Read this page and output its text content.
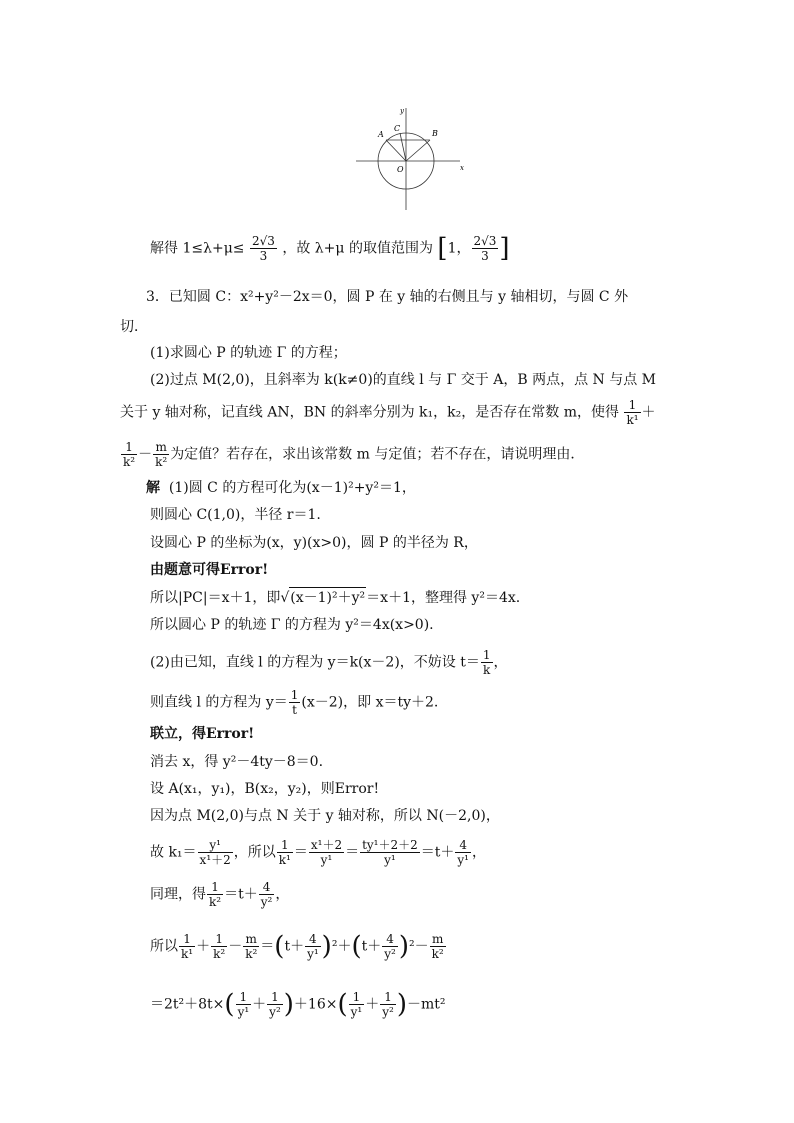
A
C
B
O	x
y
解得 $1\le\lambda+\mu\le \frac{2√3}{3}$ ，故 λ+μ 的取值范围为 [1， $\frac{2√3}{3}$ ]
3．已知圆 C：x²+y²－2x＝0，圆 P 在 y 轴的右侧且与 y 轴相切，与圆 C 外
切．
(1)求圆心 P 的轨迹 Γ 的方程；
(2)过点 M(2,0)，且斜率为 k(k≠0)的直线 l 与 Γ 交于 A，B 两点，点 N 与点 M
关于 y 轴对称，记直线 AN，BN 的斜率分别为 k₁，k₂，是否存在常数 m，使得 $\frac{1}{\text{k¹}}$ ＋
$\frac{1}{\text{k²}} - \frac{m}{\text{k²}}$ 为定值？若存在，求出该常数 m 与定值；若不存在，请说明理由．
解 (1)圆 C 的方程可化为(x－1)²+y²＝1，
则圆心 C(1,0)，半径 r＝1.
设圆心 P 的坐标为(x，y)(x>0)，圆 P 的半径为 R，
由题意可得Error!
所以|PC|＝x＋1，即√(x－1)²＋y²＝x＋1，整理得 y²＝4x.
所以圆心 P 的轨迹 Γ 的方程为 y²＝4x(x>0).
(2)由已知，直线 l 的方程为 y＝k(x－2)，不妨设 $t= \frac{1}{k}$ ，
则直线 l 的方程为 $y= \frac{1}{t} (x-2)$，即 x＝ty＋2.
联立，得Error!
消去 x，得 y²－4ty－8＝0.
设 A(x₁，y₁)，B(x₂，y₂)，则Error!
因为点 M(2,0)与点 N 关于 y 轴对称，所以 N(－2,0)，
故 $k_1= \frac{\text{y¹}}{\text{x¹＋2}}$ ，所以 $\frac{1}{\text{k¹}} = \frac{\text{x¹＋2}}{\text{y¹}} = \frac{\text{ty¹＋2＋2}}{\text{y¹}} =t+ \frac{4}{\text{y¹}}$ ，
同理，得 $\frac{1}{\text{k²}} =t+ \frac{4}{\text{y²}}$ ，
所以 $\frac{1}{\text{k¹}} + \frac{1}{\text{k²}} - \frac{m}{\text{k²}} =(t+ \frac{4}{\text{y¹}} )^2+(t+ \frac{4}{\text{y²}} )^2- \frac{m}{\text{k²}}$
$=2t^2+8t\times( \frac{1}{\text{y¹}} + \frac{1}{\text{y²}} )+16\times( \frac{1}{\text{y¹}} + \frac{1}{\text{y²}} )-mt^2$
